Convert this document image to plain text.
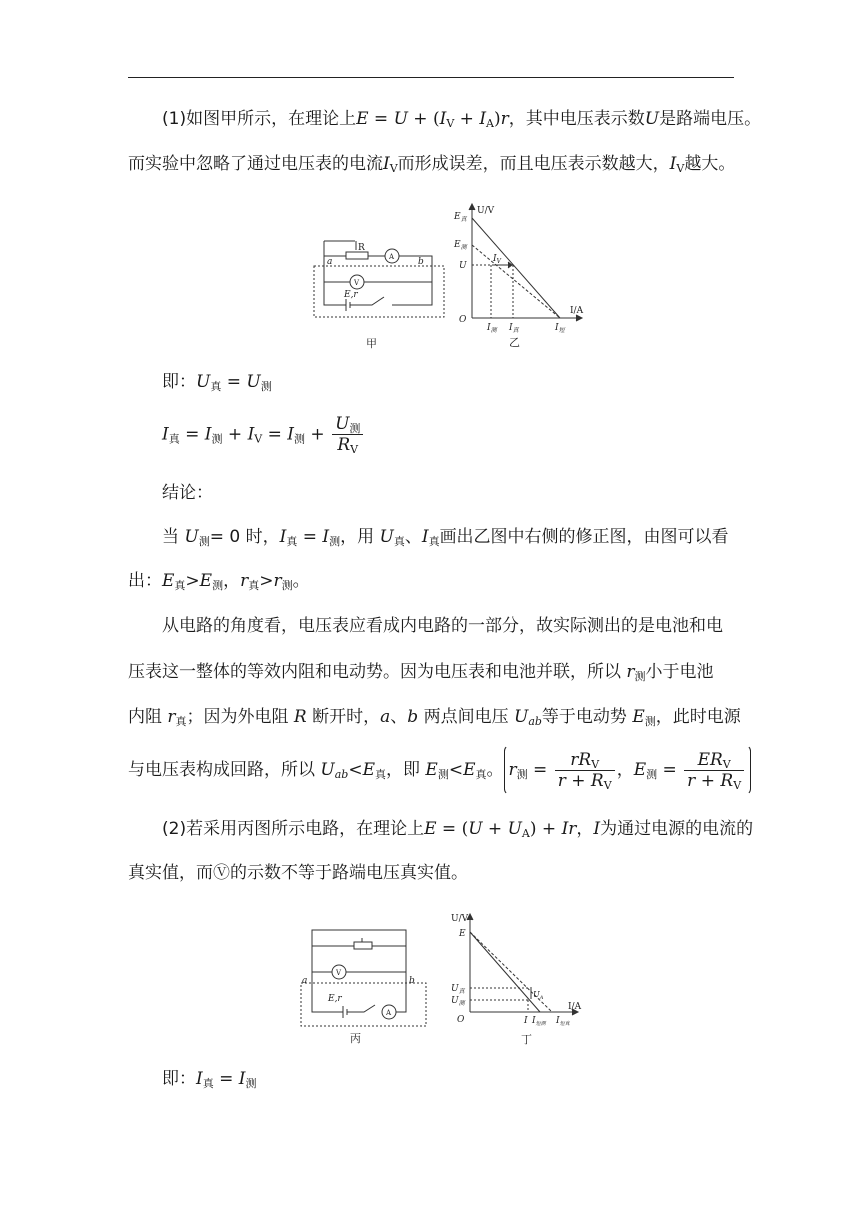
(1)如图甲所示，在理论上$E = U + (I_V + I_A)r$，其中电压表示数U是路端电压。
而实验中忽略了通过电压表的电流$I_V$而形成误差，而且电压表示数越大，$I_V$越大。
R
A
V
a	b
E,r
甲
U/V
I/A
O
$E_真$
$E_测$
U
$I_V$
$I_测$ $I_真$	$I_短$
乙
即：$U_真 = U_测$
$I_真 = I_测 + I_V = I_测 + \frac{U_测}{R_V}$
结论：
当 $U_测= 0$ 时，$I_真 = I_测$，用 $U_真$、$I_真$画出乙图中右侧的修正图，由图可以看
出：$E_真>E_测$，$r_真>r_测$。
从电路的角度看，电压表应看成内电路的一部分，故实际测出的是电池和电
压表这一整体的等效内阻和电动势。因为电压表和电池并联，所以 $r_测$小于电池
内阻 $r_真$；因为外电阻 R 断开时，a、b 两点间电压 $U_{ab}$等于电动势 $E_测$，此时电源
与电压表构成回路，所以 $U_{ab}<E_真$，即 $E_测<E_真$。 $r_测 = \frac{rR_V}{r + R_V}$ ，$E_测 = \frac{ER_V}{r + R_V}$
(2)若采用丙图所示电路，在理论上$E = (U + U_A) + Ir$，I为通过电源的电流的
真实值，而Ⓥ的示数不等于路端电压真实值。
V
A
a	b
E,r
丙
U/V
I/A
O
E
$U_真$
$U_测$
$U_A$
I $I_{短测}$ $I_{短真}$
丁
即：$I_真 = I_测$
